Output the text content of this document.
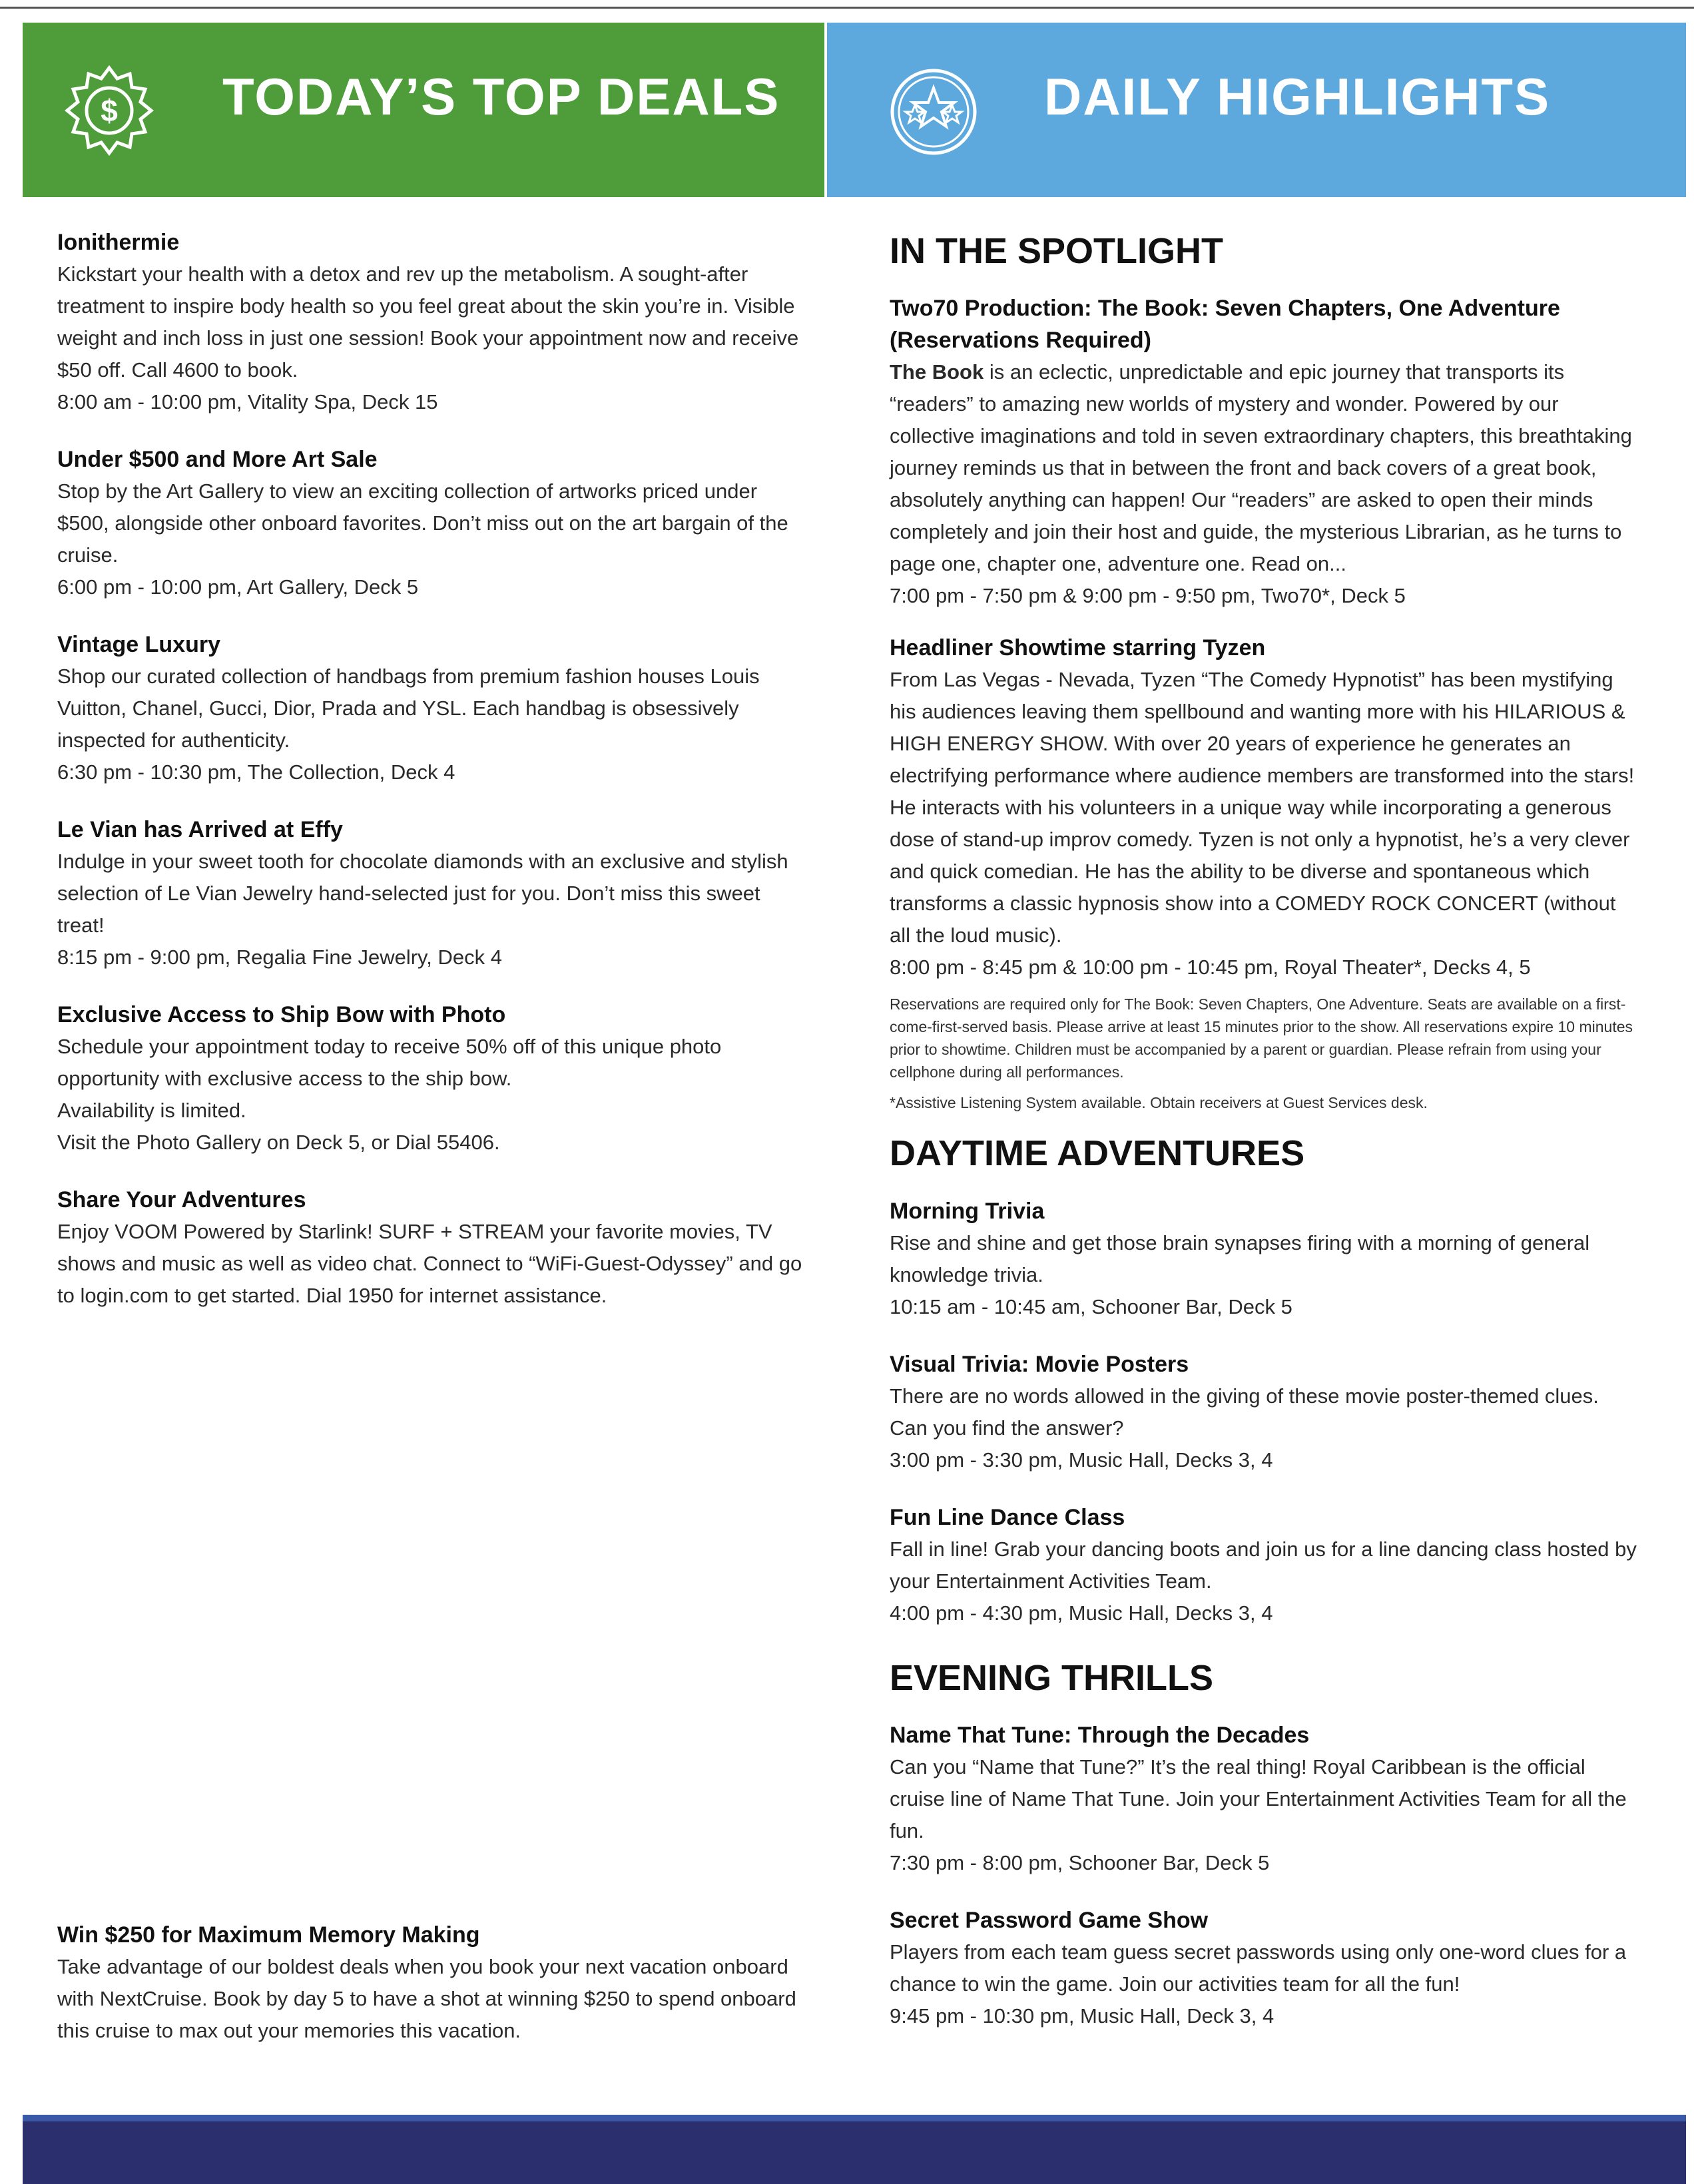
$ TODAY’S TOP DEALS	DAILY HIGHLIGHTS
Ionithermie
Kickstart your health with a detox and rev up the metabolism. A sought-after treatment to inspire body health so you feel great about the skin you’re in. Visible weight and inch loss in just one session! Book your appointment now and receive $50 off. Call 4600 to book.
8:00 am - 10:00 pm, Vitality Spa, Deck 15
Under $500 and More Art Sale
Stop by the Art Gallery to view an exciting collection of artworks priced under $500, alongside other onboard favorites. Don’t miss out on the art bargain of the cruise.
6:00 pm - 10:00 pm, Art Gallery, Deck 5
Vintage Luxury
Shop our curated collection of handbags from premium fashion houses Louis Vuitton, Chanel, Gucci, Dior, Prada and YSL. Each handbag is obsessively inspected for authenticity.
6:30 pm - 10:30 pm, The Collection, Deck 4
Le Vian has Arrived at Effy
Indulge in your sweet tooth for chocolate diamonds with an exclusive and stylish selection of Le Vian Jewelry hand-selected just for you. Don’t miss this sweet treat!
8:15 pm - 9:00 pm, Regalia Fine Jewelry, Deck 4
Exclusive Access to Ship Bow with Photo
Schedule your appointment today to receive 50% off of this unique photo opportunity with exclusive access to the ship bow.
Availability is limited.
Visit the Photo Gallery on Deck 5, or Dial 55406.
Share Your Adventures
Enjoy VOOM Powered by Starlink! SURF + STREAM your favorite movies, TV shows and music as well as video chat. Connect to “WiFi-Guest-Odyssey” and go to login.com to get started. Dial 1950 for internet assistance.
Win $250 for Maximum Memory Making
Take advantage of our boldest deals when you book your next vacation onboard with NextCruise. Book by day 5 to have a shot at winning $250 to spend onboard this cruise to max out your memories this vacation.
IN THE SPOTLIGHT
Two70 Production: The Book: Seven Chapters, One Adventure (Reservations Required)
The Book is an eclectic, unpredictable and epic journey that transports its “readers” to amazing new worlds of mystery and wonder. Powered by our collective imaginations and told in seven extraordinary chapters, this breathtaking journey reminds us that in between the front and back covers of a great book, absolutely anything can happen! Our “readers” are asked to open their minds completely and join their host and guide, the mysterious Librarian, as he turns to page one, chapter one, adventure one. Read on...
7:00 pm - 7:50 pm & 9:00 pm - 9:50 pm, Two70*, Deck 5
Headliner Showtime starring Tyzen
From Las Vegas - Nevada, Tyzen “The Comedy Hypnotist” has been mystifying his audiences leaving them spellbound and wanting more with his HILARIOUS & HIGH ENERGY SHOW. With over 20 years of experience he generates an electrifying performance where audience members are transformed into the stars! He interacts with his volunteers in a unique way while incorporating a generous dose of stand-up improv comedy. Tyzen is not only a hypnotist, he’s a very clever and quick comedian. He has the ability to be diverse and spontaneous which transforms a classic hypnosis show into a COMEDY ROCK CONCERT (without all the loud music).
8:00 pm - 8:45 pm & 10:00 pm - 10:45 pm, Royal Theater*, Decks 4, 5
Reservations are required only for The Book: Seven Chapters, One Adventure. Seats are available on a first-come-first-served basis. Please arrive at least 15 minutes prior to the show. All reservations expire 10 minutes prior to showtime. Children must be accompanied by a parent or guardian. Please refrain from using your cellphone during all performances.
*Assistive Listening System available. Obtain receivers at Guest Services desk.
DAYTIME ADVENTURES
Morning Trivia
Rise and shine and get those brain synapses firing with a morning of general knowledge trivia.
10:15 am - 10:45 am, Schooner Bar, Deck 5
Visual Trivia: Movie Posters
There are no words allowed in the giving of these movie poster-themed clues. Can you find the answer?
3:00 pm - 3:30 pm, Music Hall, Decks 3, 4
Fun Line Dance Class
Fall in line! Grab your dancing boots and join us for a line dancing class hosted by your Entertainment Activities Team.
4:00 pm - 4:30 pm, Music Hall, Decks 3, 4
EVENING THRILLS
Name That Tune: Through the Decades
Can you “Name that Tune?” It’s the real thing! Royal Caribbean is the official cruise line of Name That Tune. Join your Entertainment Activities Team for all the fun.
7:30 pm - 8:00 pm, Schooner Bar, Deck 5
Secret Password Game Show
Players from each team guess secret passwords using only one-word clues for a chance to win the game. Join our activities team for all the fun!
9:45 pm - 10:30 pm, Music Hall, Deck 3, 4
